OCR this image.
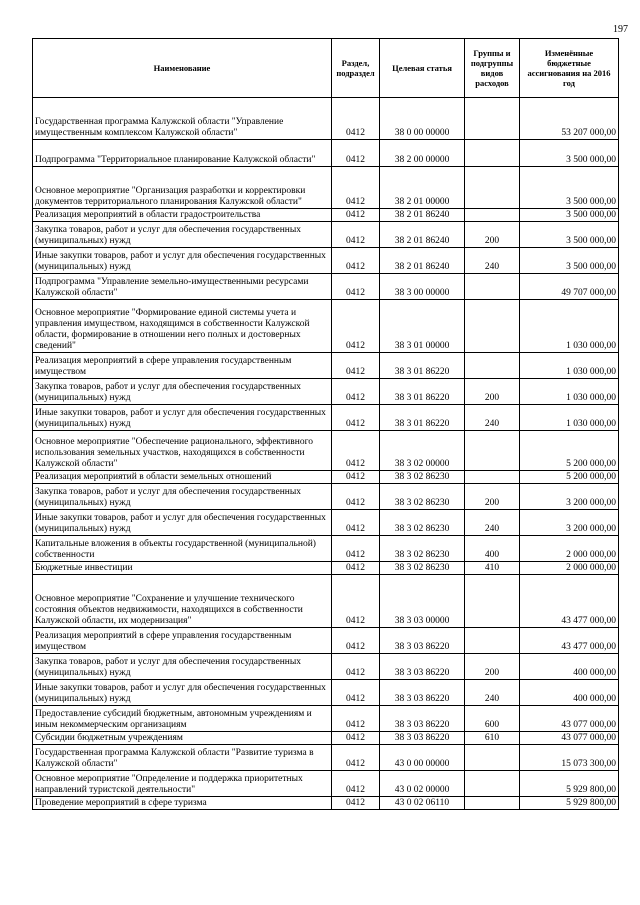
197
Наименование	Раздел, подраздел	Целевая статья	Группы и подгруппы видов расходов	Изменённые бюджетные ассигнования на 2016 год
Государственная программа Калужской области "Управление имущественным комплексом Калужской области"	0412	38 0 00 00000		53 207 000,00
Подпрограмма "Территориальное планирование Калужской области"	0412	38 2 00 00000		3 500 000,00
Основное мероприятие "Организация разработки и корректировки документов территориального планирования Калужской области"	0412	38 2 01 00000		3 500 000,00
Реализация мероприятий в области градостроительства	0412	38 2 01 86240		3 500 000,00
Закупка товаров, работ и услуг для обеспечения государственных (муниципальных) нужд	0412	38 2 01 86240	200	3 500 000,00
Иные закупки товаров, работ и услуг для обеспечения государственных (муниципальных) нужд	0412	38 2 01 86240	240	3 500 000,00
Подпрограмма "Управление земельно-имущественными ресурсами Калужской области"	0412	38 3 00 00000		49 707 000,00
Основное мероприятие "Формирование единой системы учета и управления имуществом, находящимся в собственности Калужской области, формирование в отношении него полных и достоверных сведений"	0412	38 3 01 00000		1 030 000,00
Реализация мероприятий в сфере управления государственным имуществом	0412	38 3 01 86220		1 030 000,00
Закупка товаров, работ и услуг для обеспечения государственных (муниципальных) нужд	0412	38 3 01 86220	200	1 030 000,00
Иные закупки товаров, работ и услуг для обеспечения государственных (муниципальных) нужд	0412	38 3 01 86220	240	1 030 000,00
Основное мероприятие "Обеспечение рационального, эффективного использования земельных участков, находящихся в собственности Калужской области"	0412	38 3 02 00000		5 200 000,00
Реализация мероприятий в области земельных отношений	0412	38 3 02 86230		5 200 000,00
Закупка товаров, работ и услуг для обеспечения государственных (муниципальных) нужд	0412	38 3 02 86230	200	3 200 000,00
Иные закупки товаров, работ и услуг для обеспечения государственных (муниципальных) нужд	0412	38 3 02 86230	240	3 200 000,00
Капитальные вложения в объекты государственной (муниципальной) собственности	0412	38 3 02 86230	400	2 000 000,00
Бюджетные инвестиции	0412	38 3 02 86230	410	2 000 000,00
Основное мероприятие "Сохранение и улучшение технического состояния объектов недвижимости, находящихся в собственности Калужской области, их модернизация"	0412	38 3 03 00000		43 477 000,00
Реализация мероприятий в сфере управления государственным имуществом	0412	38 3 03 86220		43 477 000,00
Закупка товаров, работ и услуг для обеспечения государственных (муниципальных) нужд	0412	38 3 03 86220	200	400 000,00
Иные закупки товаров, работ и услуг для обеспечения государственных (муниципальных) нужд	0412	38 3 03 86220	240	400 000,00
Предоставление субсидий бюджетным, автономным учреждениям и иным некоммерческим организациям	0412	38 3 03 86220	600	43 077 000,00
Субсидии бюджетным учреждениям	0412	38 3 03 86220	610	43 077 000,00
Государственная программа Калужской области "Развитие туризма в Калужской области"	0412	43 0 00 00000		15 073 300,00
Основное мероприятие "Определение и поддержка приоритетных направлений туристской деятельности"	0412	43 0 02 00000		5 929 800,00
Проведение мероприятий в сфере туризма	0412	43 0 02 06110		5 929 800,00
